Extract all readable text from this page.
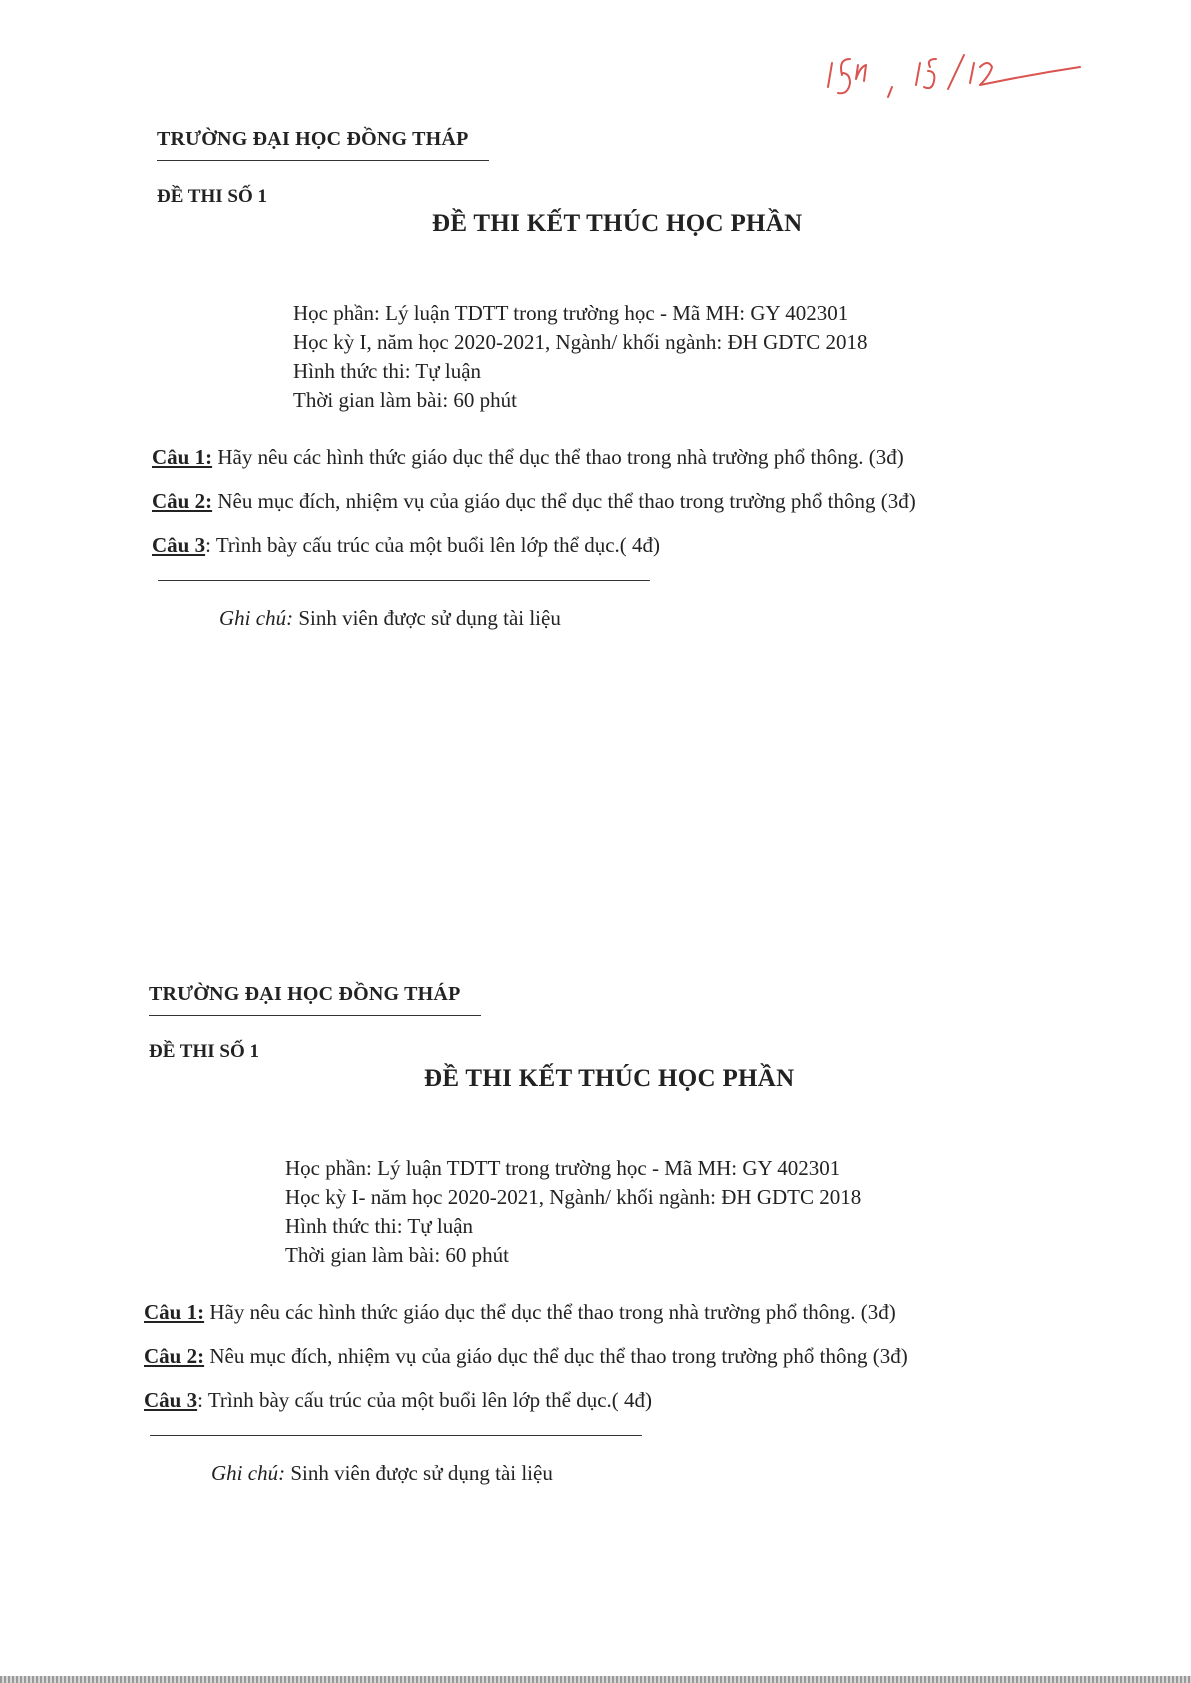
TRƯỜNG ĐẠI HỌC ĐỒNG THÁP
ĐỀ THI SỐ 1
ĐỀ THI KẾT THÚC HỌC PHẦN
Học phần: Lý luận TDTT trong trường học - Mã MH: GY 402301
Học kỳ I, năm học 2020-2021, Ngành/ khối ngành: ĐH GDTC 2018
Hình thức thi: Tự luận
Thời gian làm bài: 60 phút
Câu 1: Hãy nêu các hình thức giáo dục thể dục thể thao trong nhà trường phổ thông. (3đ)
Câu 2: Nêu mục đích, nhiệm vụ của giáo dục thể dục thể thao trong trường phổ thông (3đ)
Câu 3: Trình bày cấu trúc của một buổi lên lớp thể dục.( 4đ)
Ghi chú: Sinh viên được sử dụng tài liệu
TRƯỜNG ĐẠI HỌC ĐỒNG THÁP
ĐỀ THI SỐ 1
ĐỀ THI KẾT THÚC HỌC PHẦN
Học phần: Lý luận TDTT trong trường học - Mã MH: GY 402301
Học kỳ I- năm học 2020-2021, Ngành/ khối ngành: ĐH GDTC 2018
Hình thức thi: Tự luận
Thời gian làm bài: 60 phút
Câu 1: Hãy nêu các hình thức giáo dục thể dục thể thao trong nhà trường phổ thông. (3đ)
Câu 2: Nêu mục đích, nhiệm vụ của giáo dục thể dục thể thao trong trường phổ thông (3đ)
Câu 3: Trình bày cấu trúc của một buổi lên lớp thể dục.( 4đ)
Ghi chú: Sinh viên được sử dụng tài liệu
